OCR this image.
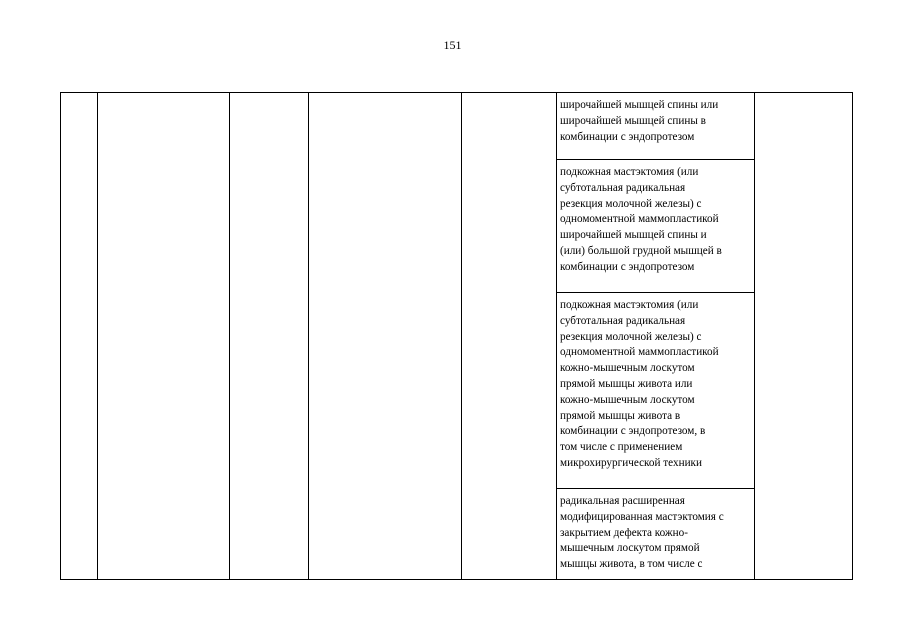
151
широчайшей мышцей спины или
широчайшей мышцей спины в
комбинации с эндопротезом
подкожная мастэктомия (или
субтотальная радикальная
резекция молочной железы) с
одномоментной маммопластикой
широчайшей мышцей спины и
(или) большой грудной мышцей в
комбинации с эндопротезом
подкожная мастэктомия (или
субтотальная радикальная
резекция молочной железы) с
одномоментной маммопластикой
кожно-мышечным лоскутом
прямой мышцы живота или
кожно-мышечным лоскутом
прямой мышцы живота в
комбинации с эндопротезом, в
том числе с применением
микрохирургической техники
радикальная расширенная
модифицированная мастэктомия с
закрытием дефекта кожно-
мышечным лоскутом прямой
мышцы живота, в том числе с
